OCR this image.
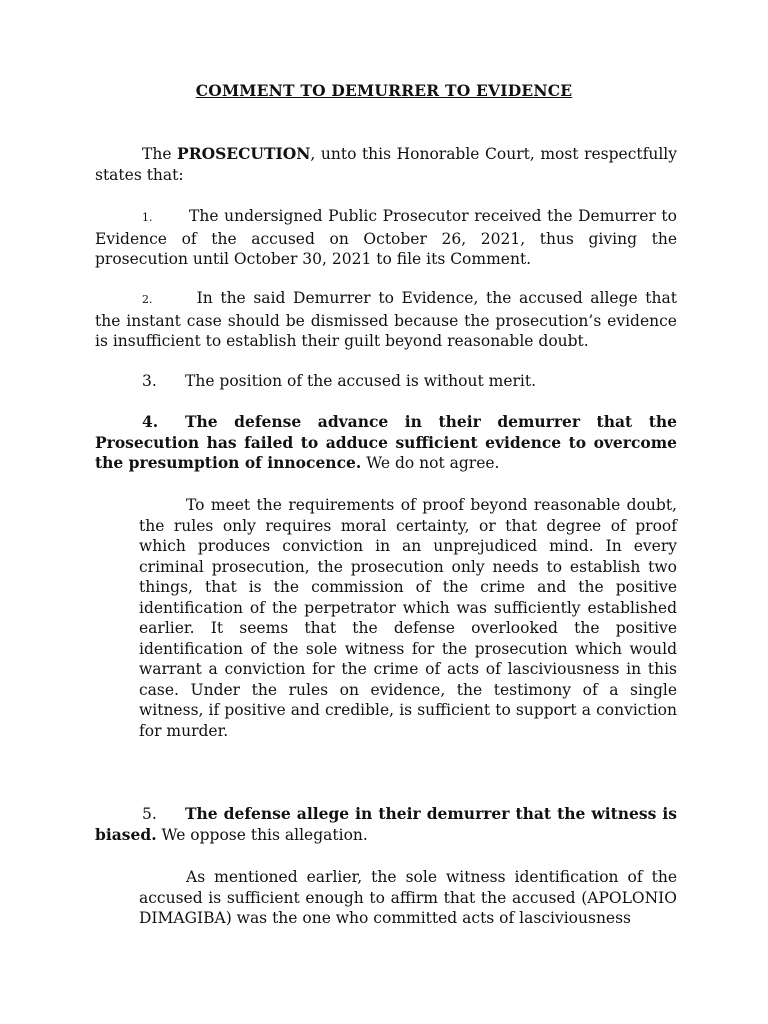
COMMENT TO DEMURRER TO EVIDENCE
The PROSECUTION, unto this Honorable Court, most respectfully states that:
1. The undersigned Public Prosecutor received the Demurrer to Evidence of the accused on October 26, 2021, thus giving the prosecution until October 30, 2021 to file its Comment.
2. In the said Demurrer to Evidence, the accused allege that the instant case should be dismissed because the prosecution’s evidence is insufficient to establish their guilt beyond reasonable doubt.
3. The position of the accused is without merit.
4. The defense advance in their demurrer that the Prosecution has failed to adduce sufficient evidence to overcome the presumption of innocence. We do not agree.
To meet the requirements of proof beyond reasonable doubt, the rules only requires moral certainty, or that degree of proof which produces conviction in an unprejudiced mind. In every criminal prosecution, the prosecution only needs to establish two things, that is the commission of the crime and the positive identification of the perpetrator which was sufficiently established earlier. It seems that the defense overlooked the positive identification of the sole witness for the prosecution which would warrant a conviction for the crime of acts of lasciviousness in this case. Under the rules on evidence, the testimony of a single witness, if positive and credible, is sufficient to support a conviction for murder.
5. The defense allege in their demurrer that the witness is biased. We oppose this allegation.
As mentioned earlier, the sole witness identification of the accused is sufficient enough to affirm that the accused (APOLONIO DIMAGIBA) was the one who committed acts of lasciviousness
